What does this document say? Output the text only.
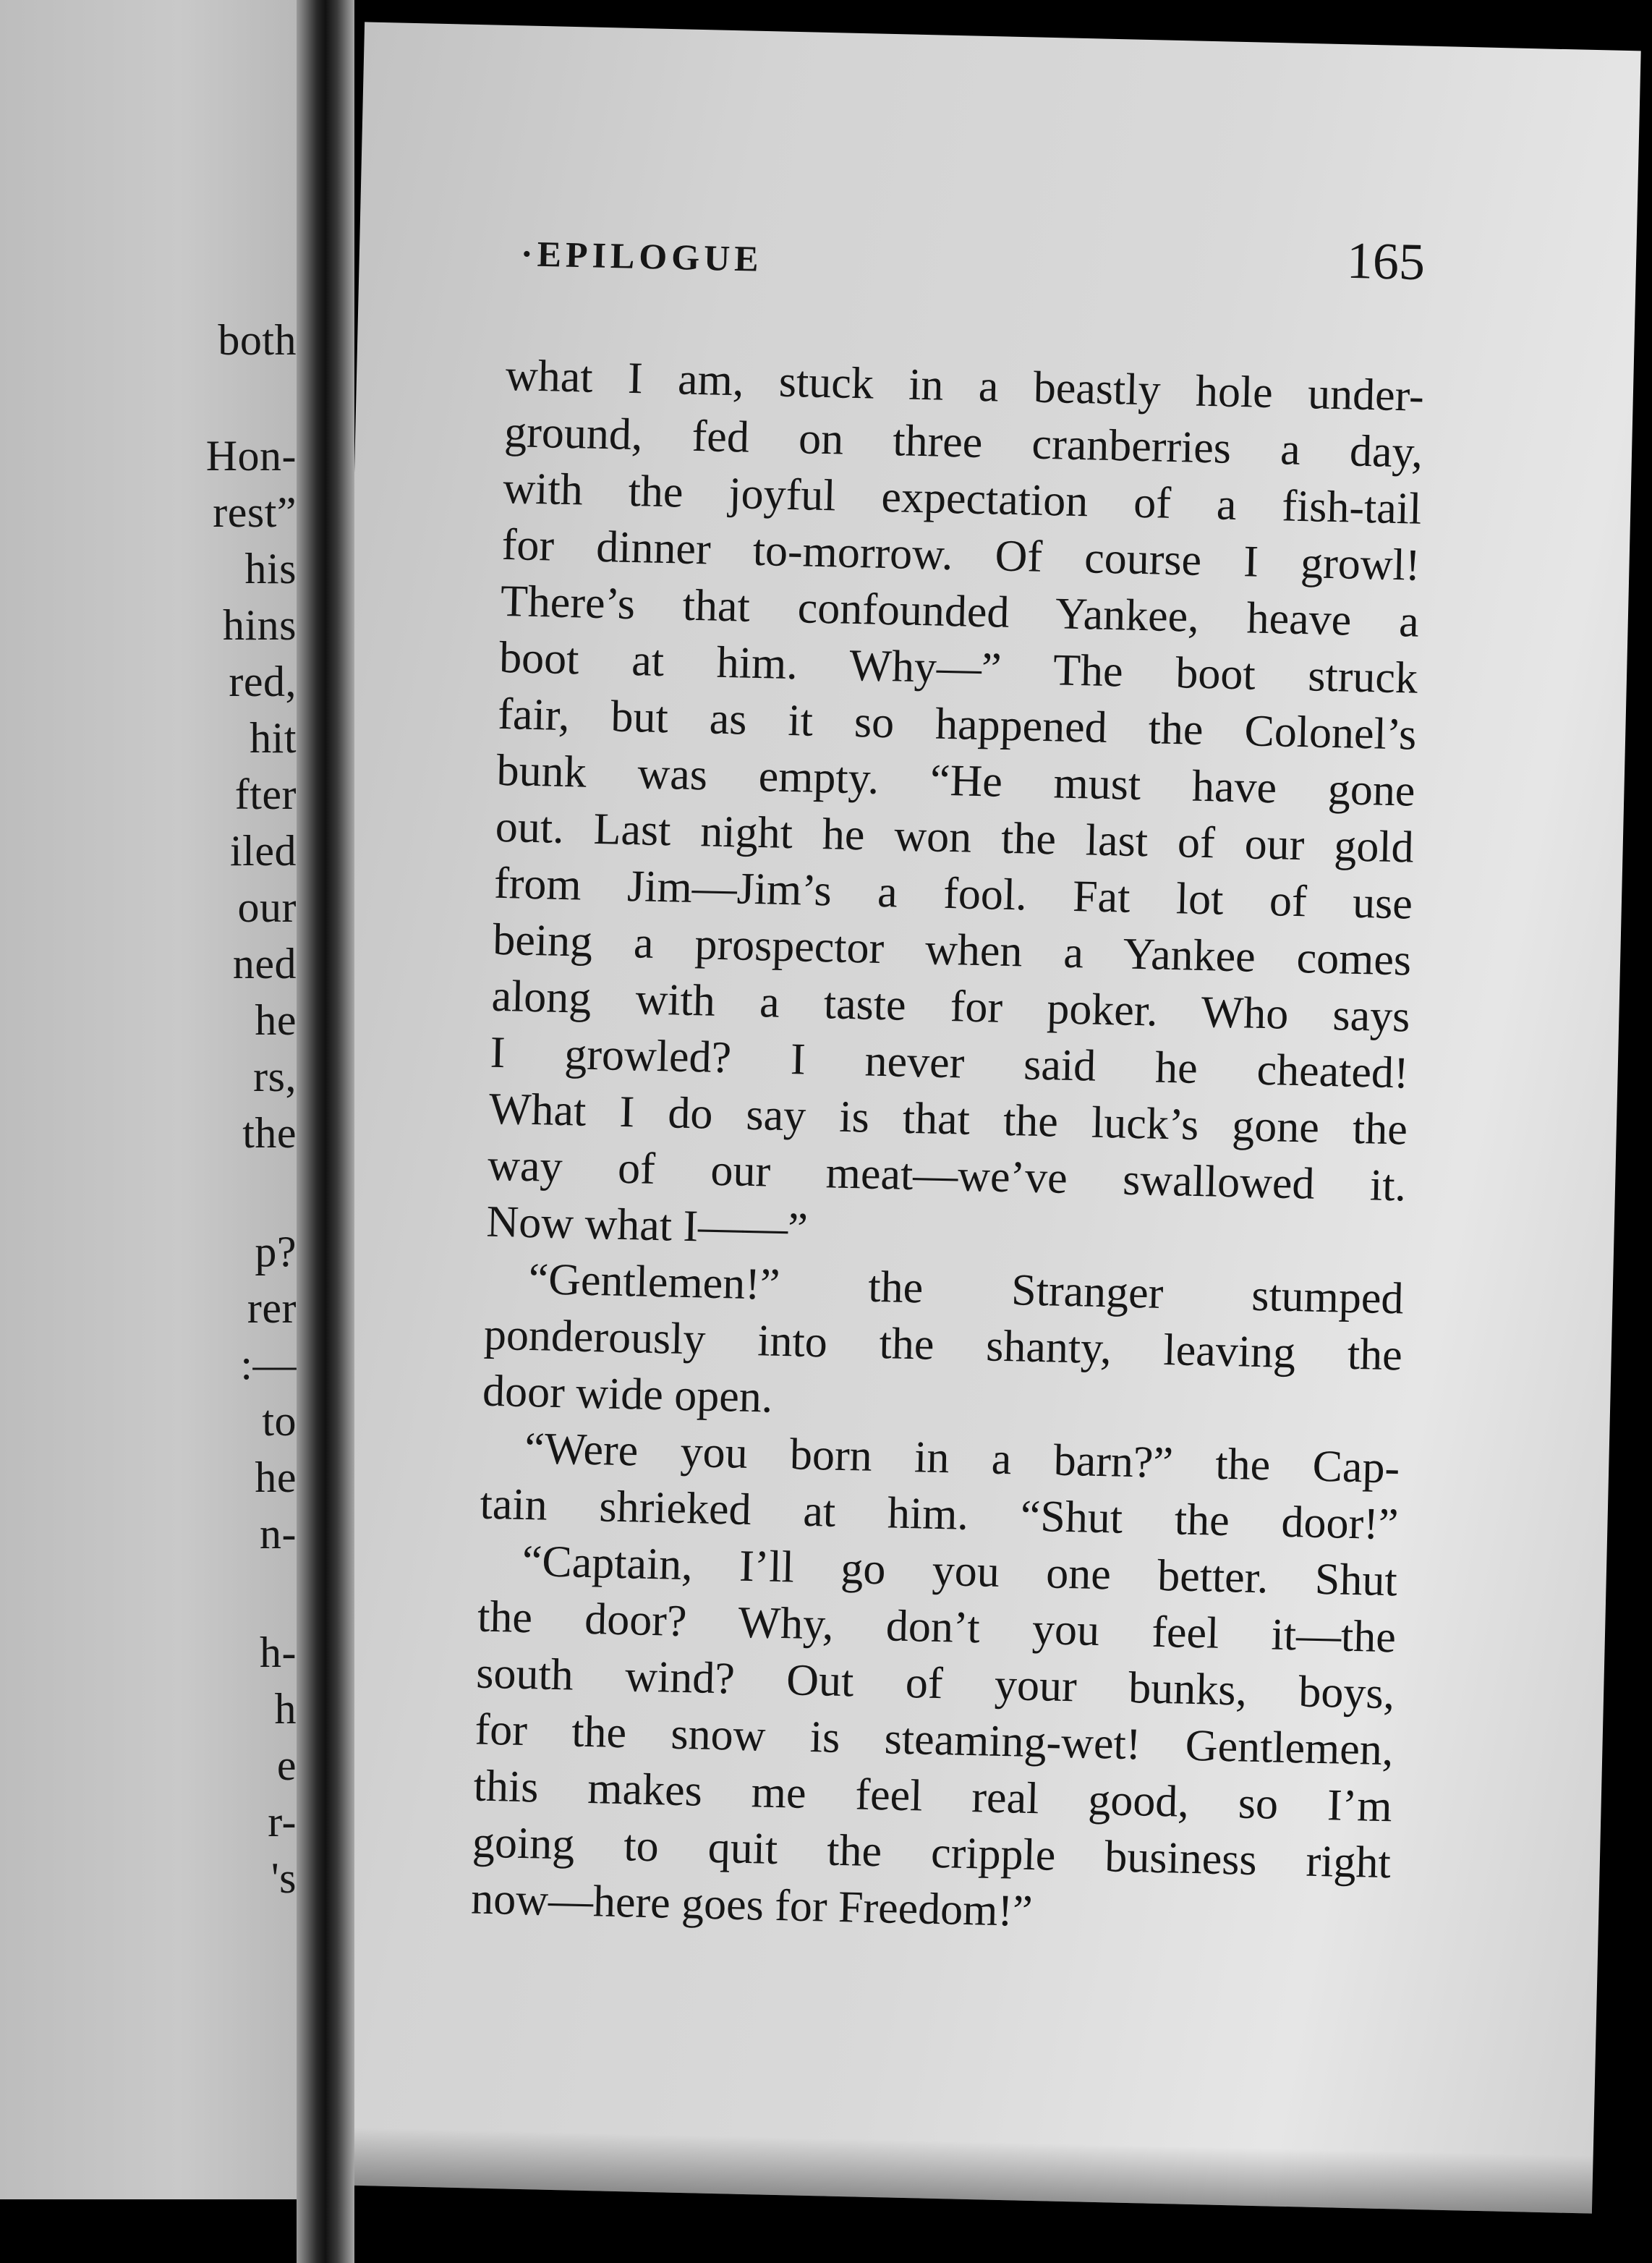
both
Hon-
rest”
his
hins
red,
hit
fter
iled
our
ned
he
rs,
the
p?
rer
:—
to
he
n-
h-
h
e
r-
's
·EPILOGUE	165
what I am, stuck in a beastly hole under-
ground, fed on three cranberries a day,
with the joyful expectation of a fish-tail
for dinner to-morrow. Of course I growl!
There’s that confounded Yankee, heave a
boot at him. Why—” The boot struck
fair, but as it so happened the Colonel’s
bunk was empty. “He must have gone
out. Last night he won the last of our gold
from Jim—Jim’s a fool. Fat lot of use
being a prospector when a Yankee comes
along with a taste for poker. Who says
I growled? I never said he cheated!
What I do say is that the luck’s gone the
way of our meat—we’ve swallowed it.
Now what I——”
“Gentlemen!” the Stranger stumped
ponderously into the shanty, leaving the
door wide open.
“Were you born in a barn?” the Cap-
tain shrieked at him. “Shut the door!”
“Captain, I’ll go you one better. Shut
the door? Why, don’t you feel it—the
south wind? Out of your bunks, boys,
for the snow is steaming-wet! Gentlemen,
this makes me feel real good, so I’m
going to quit the cripple business right
now—here goes for Freedom!”
